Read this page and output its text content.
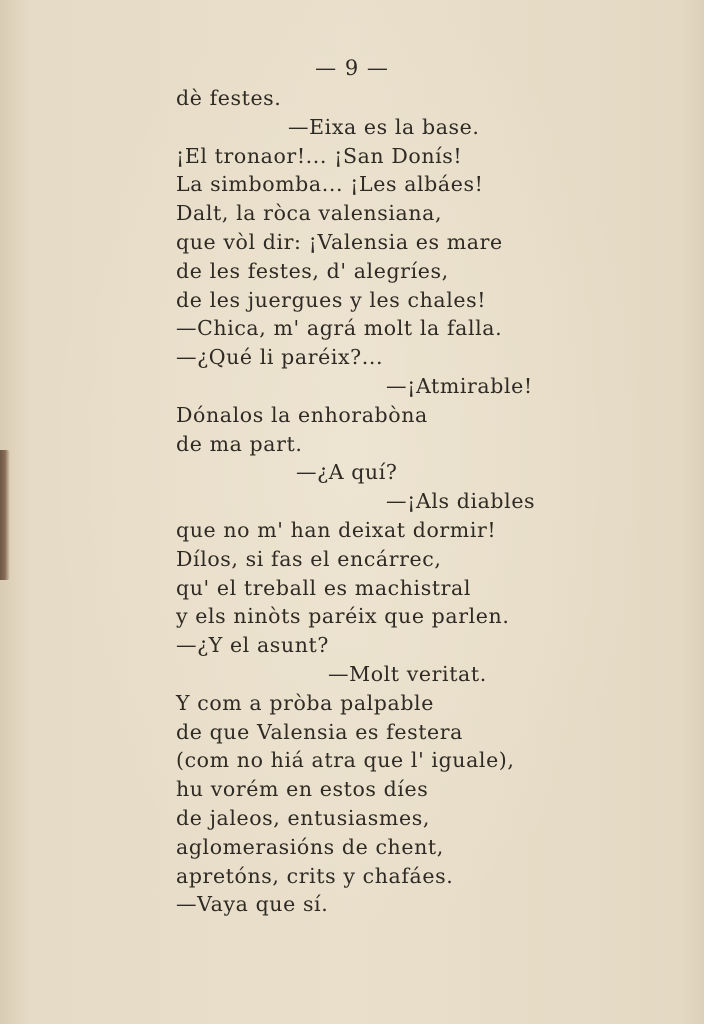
— 9 —
dè festes.
—Eixa es la base.
¡El tronaor!... ¡San Donís!
La simbomba... ¡Les albáes!
Dalt, la ròca valensiana,
que vòl dir: ¡Valensia es mare
de les festes, d' alegríes,
de les juergues y les chales!
—Chica, m' agrá molt la falla.
—¿Qué li paréix?...
—¡Atmirable!
Dónalos la enhorabòna
de ma part.
—¿A quí?
—¡Als diables
que no m' han deixat dormir!
Dílos, si fas el encárrec,
qu' el treball es machistral
y els ninòts paréix que parlen.
—¿Y el asunt?
—Molt veritat.
Y com a pròba palpable
de que Valensia es festera
(com no hiá atra que l' iguale),
hu vorém en estos díes
de jaleos, entusiasmes,
aglomerasións de chent,
apretóns, crits y chafáes.
—Vaya que sí.
